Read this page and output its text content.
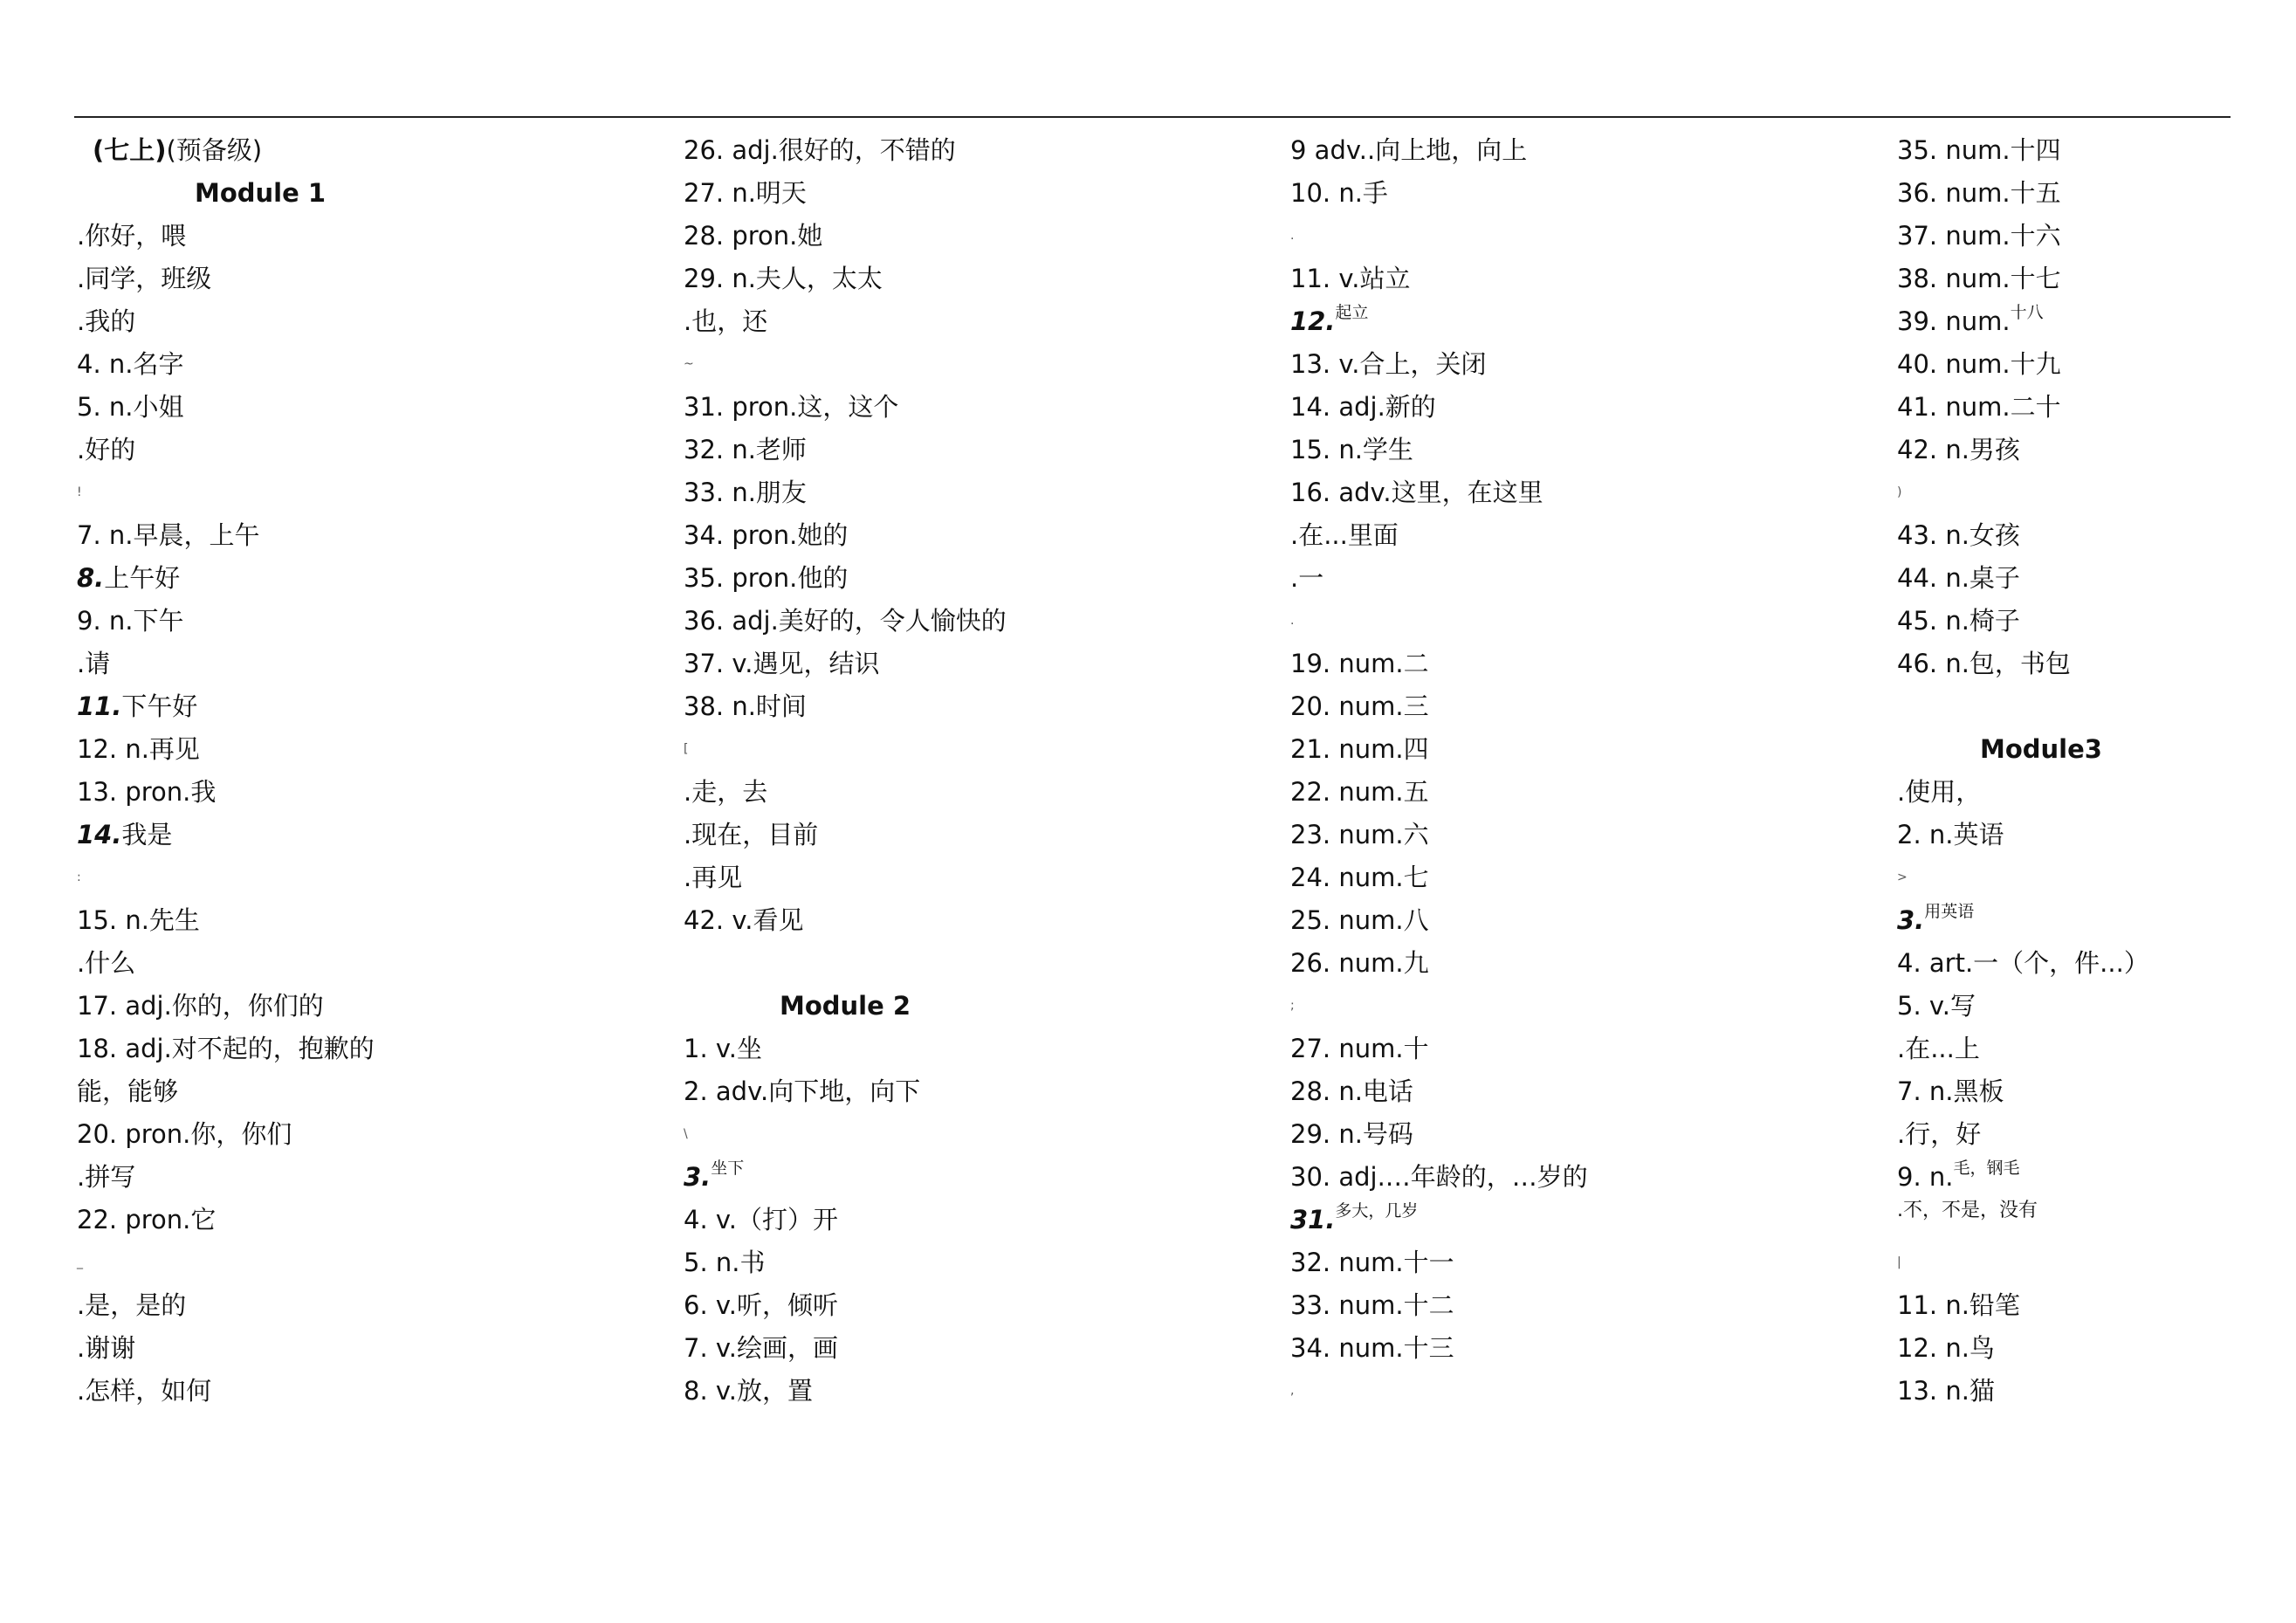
(七上)(预备级)
Module 1
.你好，喂
.同学，班级
.我的
4. n.名字
5. n.小姐
.好的
!
7. n.早晨，上午
8.上午好
9. n.下午
.请
11.下午好
12. n.再见
13. pron.我
14.我是
:
15. n.先生
.什么
17. adj.你的，你们的
18. adj.对不起的，抱歉的
能，能够
20. pron.你，你们
.拼写
22. pron.它
_
.是，是的
.谢谢
.怎样，如何
26. adj.很好的，不错的
27. n.明天
28. pron.她
29. n.夫人，太太
.也，还
~
31. pron.这，这个
32. n.老师
33. n.朋友
34. pron.她的
35. pron.他的
36. adj.美好的，令人愉快的
37. v.遇见，结识
38. n.时间
[
.走，去
.现在，目前
.再见
42. v.看见
Module 2
1. v.坐
2. adv.向下地，向下
\
3.$^{坐下}$
4. v.（打）开
5. n.书
6. v.听，倾听
7. v.绘画，画
8. v.放，置
9 adv..向上地，向上
10. n.手
.
11. v.站立
12.$^{起立}$
13. v.合上，关闭
14. adj.新的
15. n.学生
16. adv.这里，在这里
.在...里面
.一
.
19. num.二
20. num.三
21. num.四
22. num.五
23. num.六
24. num.七
25. num.八
26. num.九
;
27. num.十
28. n.电话
29. n.号码
30. adj.…年龄的，…岁的
31.$^{多大,几岁}$
32. num.十一
33. num.十二
34. num.十三
,
35. num.十四
36. num.十五
37. num.十六
38. num.十七
39. num.$^{十八}$
40. num.十九
41. num.二十
42. n.男孩
)
43. n.女孩
44. n.桌子
45. n.椅子
46. n.包，书包
Module3
.使用，
2. n.英语
>
3.$^{用英语}$
4. art.一（个，件...）
5. v.写
.在...上
7. n.黑板
.行，好
9. n.$^{毛,钢毛}$
$^{.不,不是,没有}$
|
11. n.铅笔
12. n.鸟
13. n.猫
